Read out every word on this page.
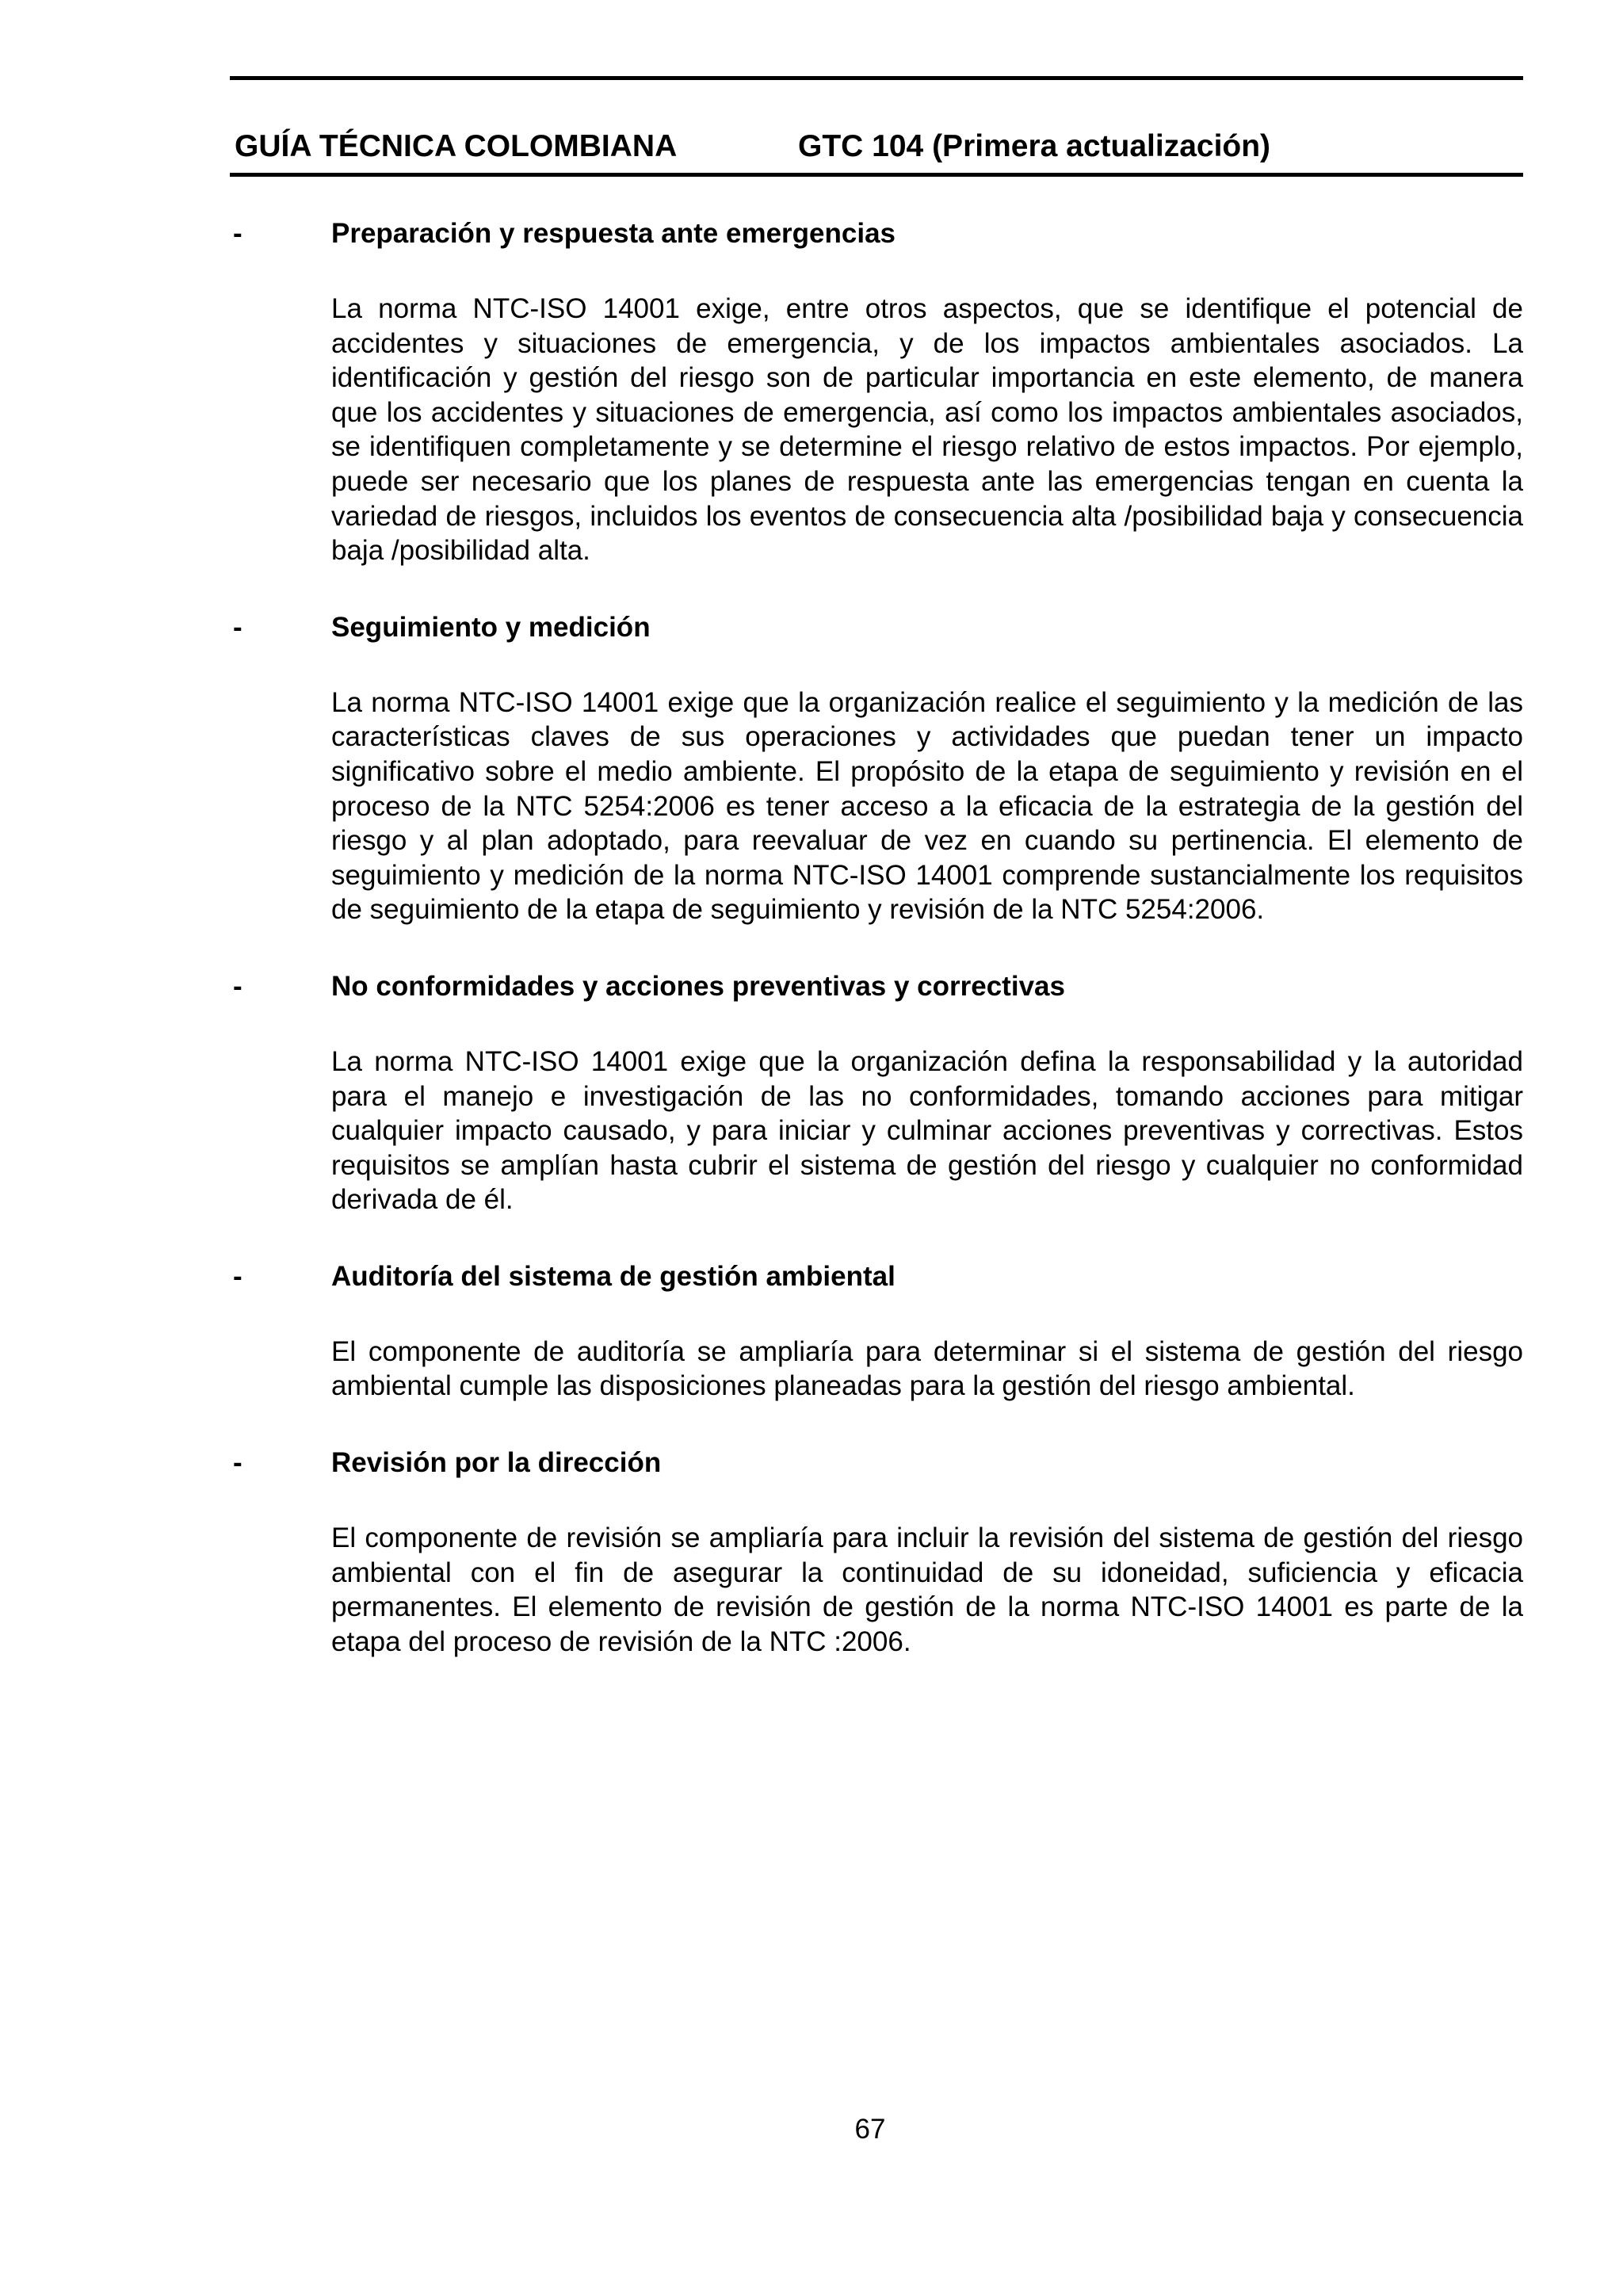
GUÍA TÉCNICA COLOMBIANA	GTC 104 (Primera actualización)
-	Preparación y respuesta ante emergencias

La norma NTC-ISO 14001 exige, entre otros aspectos, que se identifique el potencial de accidentes y situaciones de emergencia, y de los impactos ambientales asociados. La identificación y gestión del riesgo son de particular importancia en este elemento, de manera que los accidentes y situaciones de emergencia, así como los impactos ambientales asociados, se identifiquen completamente y se determine el riesgo relativo de estos impactos. Por ejemplo, puede ser necesario que los planes de respuesta ante las emergencias tengan en cuenta la variedad de riesgos, incluidos los eventos de consecuencia alta /posibilidad baja y consecuencia baja /posibilidad alta.

-	Seguimiento y medición

La norma NTC-ISO 14001 exige que la organización realice el seguimiento y la medición de las características claves de sus operaciones y actividades que puedan tener un impacto significativo sobre el medio ambiente. El propósito de la etapa de seguimiento y revisión en el proceso de la NTC 5254:2006 es tener acceso a la eficacia de la estrategia de la gestión del riesgo y al plan adoptado, para reevaluar de vez en cuando su pertinencia. El elemento de seguimiento y medición de la norma NTC-ISO 14001 comprende sustancialmente los requisitos de seguimiento de la etapa de seguimiento y revisión de la NTC 5254:2006.

-	No conformidades y acciones preventivas y correctivas

La norma NTC-ISO 14001 exige que la organización defina la responsabilidad y la autoridad para el manejo e investigación de las no conformidades, tomando acciones para mitigar cualquier impacto causado, y para iniciar y culminar acciones preventivas y correctivas. Estos requisitos se amplían hasta cubrir el sistema de gestión del riesgo y cualquier no conformidad derivada de él.

-	Auditoría del sistema de gestión ambiental

El componente de auditoría se ampliaría para determinar si el sistema de gestión del riesgo ambiental cumple las disposiciones planeadas para la gestión del riesgo ambiental.

-	Revisión por la dirección

El componente de revisión se ampliaría para incluir la revisión del sistema de gestión del riesgo ambiental con el fin de asegurar la continuidad de su idoneidad, suficiencia y eficacia permanentes. El elemento de revisión de gestión de la norma NTC-ISO 14001 es parte de la etapa del proceso de revisión de la NTC :2006.

67
